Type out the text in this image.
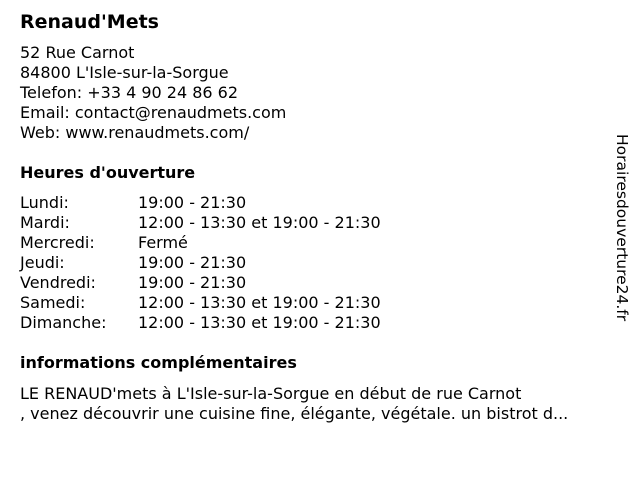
Renaud'Mets
52 Rue Carnot
84800 L'Isle-sur-la-Sorgue
Telefon: +33 4 90 24 86 62
Email: contact@renaudmets.com
Web: www.renaudmets.com/
Heures d'ouverture
Lundi:	19:00 - 21:30
Mardi:	12:00 - 13:30 et 19:00 - 21:30
Mercredi:	Fermé
Jeudi:	19:00 - 21:30
Vendredi:	19:00 - 21:30
Samedi:	12:00 - 13:30 et 19:00 - 21:30
Dimanche:	12:00 - 13:30 et 19:00 - 21:30
informations complémentaires
LE RENAUD'mets à L'Isle-sur-la-Sorgue en début de rue Carnot
, venez découvrir une cuisine fine, élégante, végétale. un bistrot d...
Horairesdouverture24.fr
